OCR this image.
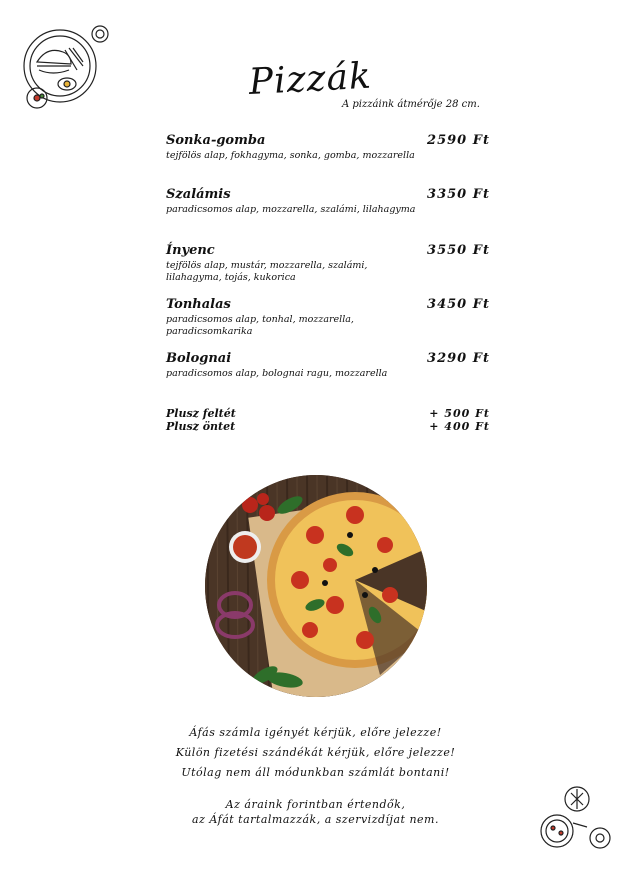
Pizzák
A pizzáink átmérője 28 cm.
Sonka-gomba	2590 Ft
tejfölös alap, fokhagyma, sonka, gomba, mozzarella
Szalámis	3350 Ft
paradicsomos alap, mozzarella, szalámi, lilahagyma
Ínyenc	3550 Ft
tejfölös alap, mustár, mozzarella, szalámi, lilahagyma, tojás, kukorica
Tonhalas	3450 Ft
paradicsomos alap, tonhal, mozzarella, paradicsomkarika
Bolognai	3290 Ft
paradicsomos alap, bolognai ragu, mozzarella
Plusz feltét	+ 500 Ft
Plusz öntet	+ 400 Ft
Áfás számla igényét kérjük, előre jelezze!
Külön fizetési szándékát kérjük, előre jelezze!
Utólag nem áll módunkban számlát bontani!
Az áraink forintban értendők,
az Áfát tartalmazzák, a szervizdíjat nem.
